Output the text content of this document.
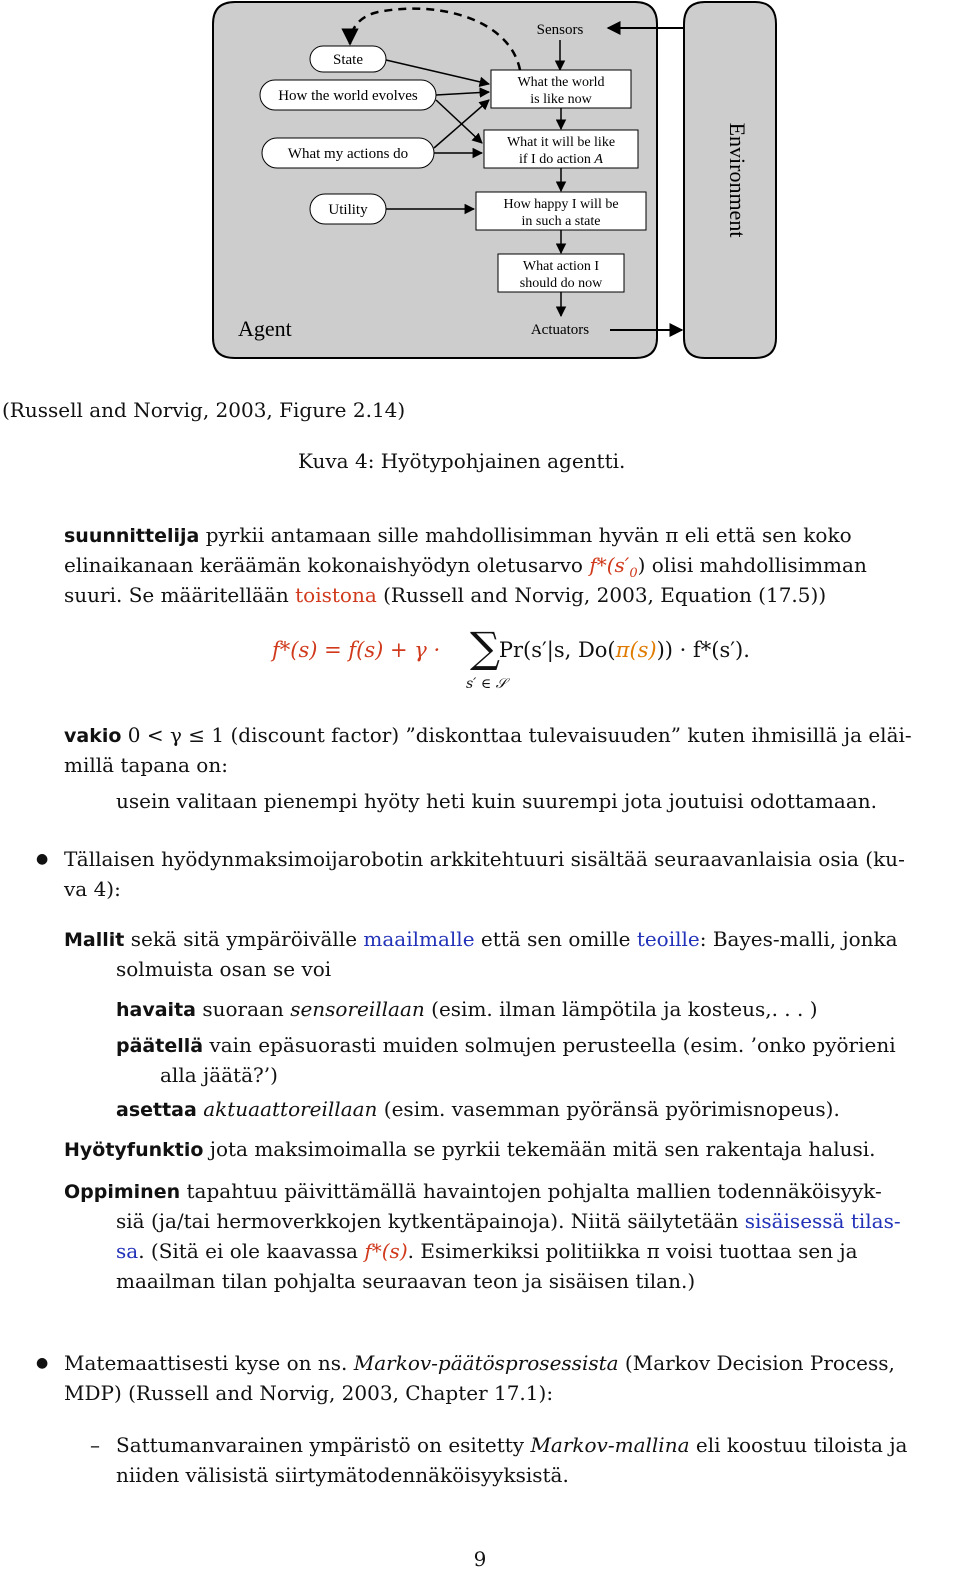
Environment
Agent
Sensors
State
How the world evolves
What my actions do
Utility
What the world
is like now
What it will be like
if I do action A
How happy I will be
in such a state
What action I
should do now
Actuators
(Russell and Norvig, 2003, Figure 2.14)
Kuva 4: Hyötypohjainen agentti.
suunnittelija pyrkii antamaan sille mahdollisimman hyvän π eli että sen koko
elinaikanaan keräämän kokonaishyödyn oletusarvo $f*(s'_0)$ olisi mahdollisimman
suuri. Se määritellään toistona (Russell and Norvig, 2003, Equation (17.5))
f*(s) = f(s) + γ · Pr(s′|s, Do(π(s))) · f*(s′).
∑
s′ ∈ 𝒮
vakio 0 < γ ≤ 1 (discount factor) ”diskonttaa tulevaisuuden” kuten ihmisillä ja eläi-
millä tapana on:
usein valitaan pienempi hyöty heti kuin suurempi jota joutuisi odottamaan.
● Tällaisen hyödynmaksimoijarobotin arkkitehtuuri sisältää seuraavanlaisia osia (ku-
va 4):
Mallit sekä sitä ympäröivälle maailmalle että sen omille teoille: Bayes-malli, jonka
solmuista osan se voi
havaita suoraan sensoreillaan (esim. ilman lämpötila ja kosteus,. . . )
päätellä vain epäsuorasti muiden solmujen perusteella (esim. ’onko pyörieni
alla jäätä?’)
asettaa aktuaattoreillaan (esim. vasemman pyöränsä pyörimisnopeus).
Hyötyfunktio jota maksimoimalla se pyrkii tekemään mitä sen rakentaja halusi.
Oppiminen tapahtuu päivittämällä havaintojen pohjalta mallien todennäköisyyk-
siä (ja/tai hermoverkkojen kytkentäpainoja). Niitä säilytetään sisäisessä tilas-
sa. (Sitä ei ole kaavassa f*(s). Esimerkiksi politiikka π voisi tuottaa sen ja
maailman tilan pohjalta seuraavan teon ja sisäisen tilan.)
● Matemaattisesti kyse on ns. Markov-päätösprosessista (Markov Decision Process,
MDP) (Russell and Norvig, 2003, Chapter 17.1):
– Sattumanvarainen ympäristö on esitetty Markov-mallina eli koostuu tiloista ja
niiden välisistä siirtymätodennäköisyyksistä.
9
